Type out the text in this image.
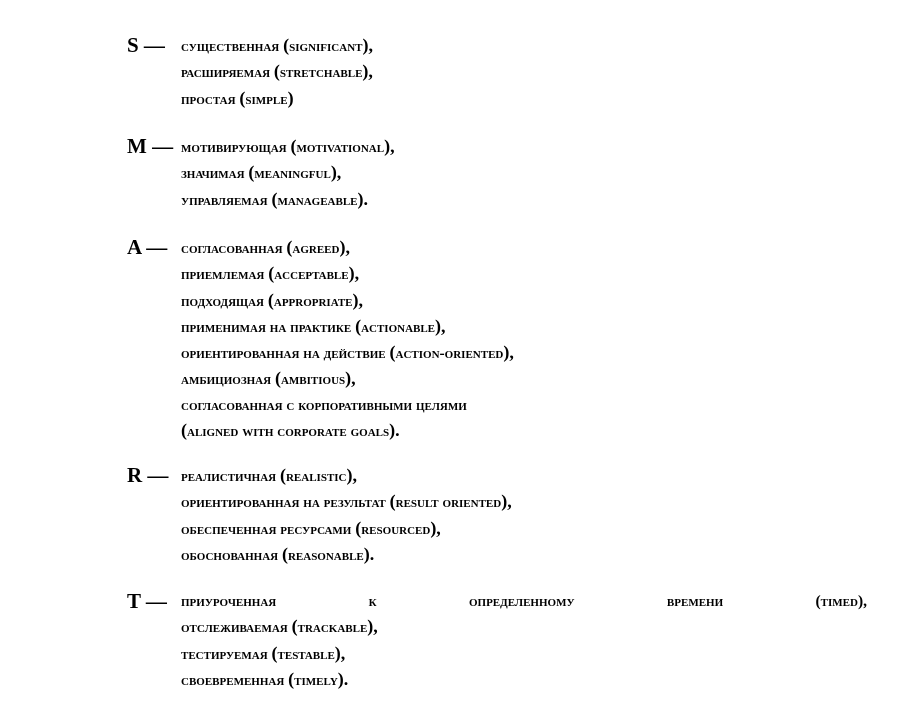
S — существенная (significant),
расширяемая (stretchable),
простая (simple)
M — мотивирующая (motivational),
значимая (meaningful),
управляемая (manageable).
A — согласованная (agreed),
приемлемая (acceptable),
подходящая (appropriate),
применимая на практике (actionable),
ориентированная на действие (action-oriented),
амбициозная (ambitious),
согласованная с корпоративными целями
(aligned with corporate goals).
R — реалистичная (realistic),
ориентированная на результат (result oriented),
обеспеченная ресурсами (resourced),
обоснованная (reasonable).
T — приуроченная	к	определенному	времени	(timed),
отслеживаемая (trackable),
тестируемая (testable),
своевременная (timely).
